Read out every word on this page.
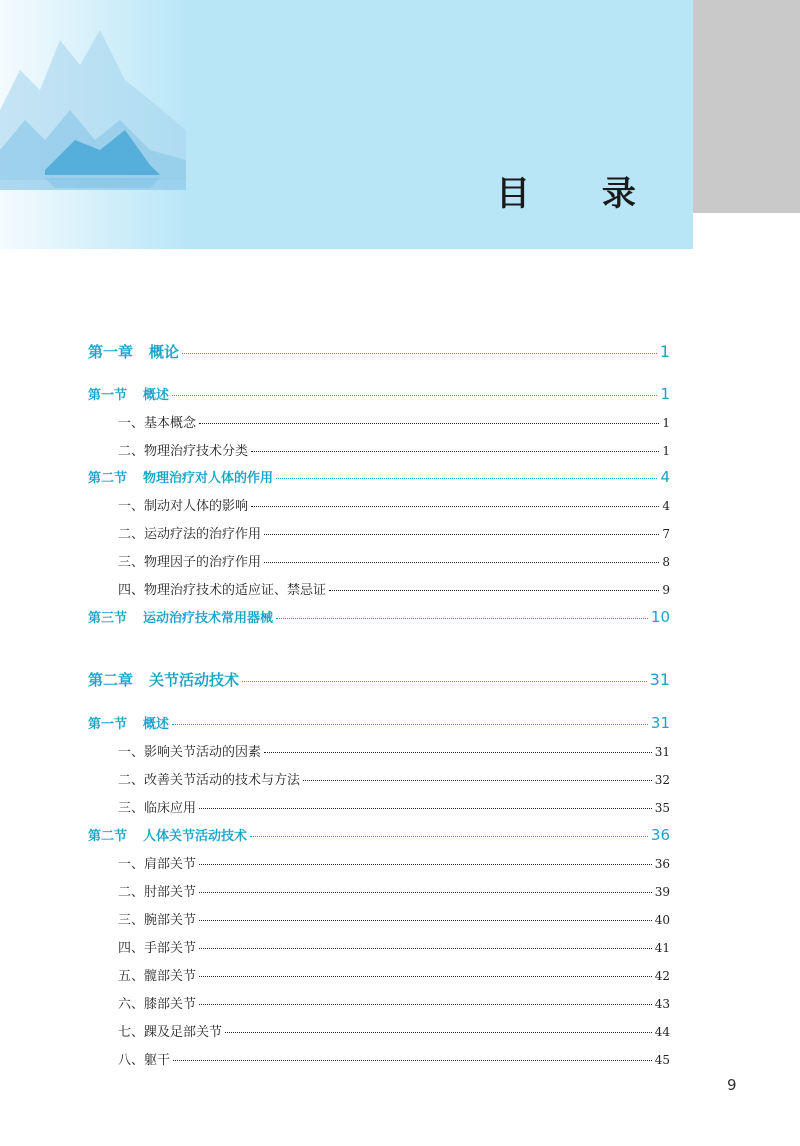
目 录
第一章 概论	1
第一节 概述	1
一、基本概念	1
二、物理治疗技术分类	1
第二节 物理治疗对人体的作用	4
一、制动对人体的影响	4
二、运动疗法的治疗作用	7
三、物理因子的治疗作用	8
四、物理治疗技术的适应证、禁忌证	9
第三节 运动治疗技术常用器械	10
第二章 关节活动技术	31
第一节 概述	31
一、影响关节活动的因素	31
二、改善关节活动的技术与方法	32
三、临床应用	35
第二节 人体关节活动技术	36
一、肩部关节	36
二、肘部关节	39
三、腕部关节	40
四、手部关节	41
五、髋部关节	42
六、膝部关节	43
七、踝及足部关节	44
八、躯干	45
9
